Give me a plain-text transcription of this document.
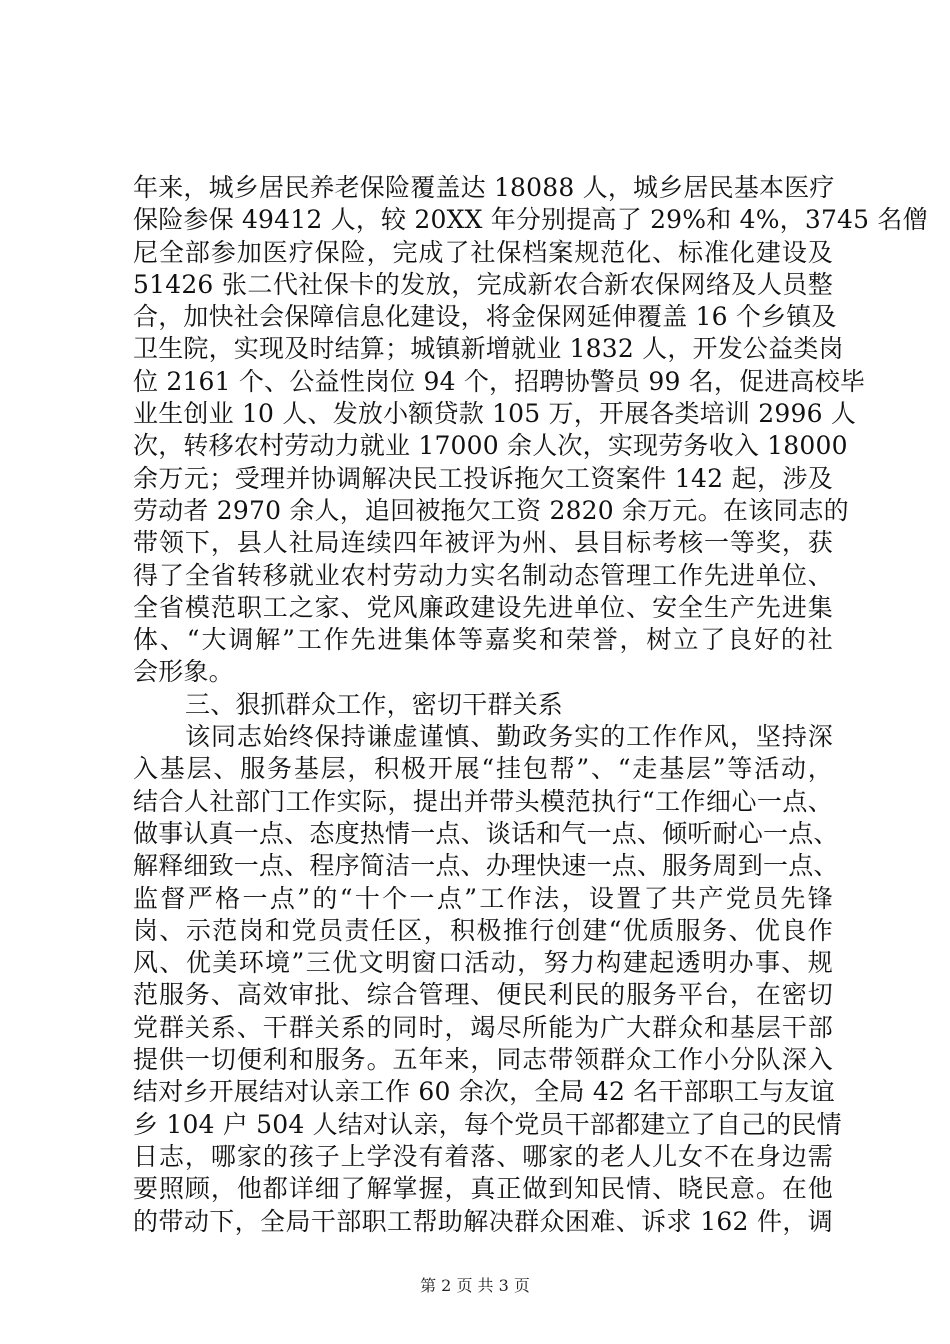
年来，城乡居民养老保险覆盖达 18088 人，城乡居民基本医疗
保险参保 49412 人，较 20XX 年分别提高了 29%和 4%，3745 名僧
尼全部参加医疗保险，完成了社保档案规范化、标准化建设及
51426 张二代社保卡的发放，完成新农合新农保网络及人员整
合，加快社会保障信息化建设，将金保网延伸覆盖 16 个乡镇及
卫生院，实现及时结算；城镇新增就业 1832 人，开发公益类岗
位 2161 个、公益性岗位 94 个，招聘协警员 99 名，促进高校毕
业生创业 10 人、发放小额贷款 105 万，开展各类培训 2996 人
次，转移农村劳动力就业 17000 余人次，实现劳务收入 18000
余万元；受理并协调解决民工投诉拖欠工资案件 142 起，涉及
劳动者 2970 余人，追回被拖欠工资 2820 余万元。在该同志的
带领下，县人社局连续四年被评为州、县目标考核一等奖，获
得了全省转移就业农村劳动力实名制动态管理工作先进单位、
全省模范职工之家、党风廉政建设先进单位、安全生产先进集
体、“大调解”工作先进集体等嘉奖和荣誉，树立了良好的社
会形象。
三、狠抓群众工作，密切干群关系
该同志始终保持谦虚谨慎、勤政务实的工作作风，坚持深
入基层、服务基层，积极开展“挂包帮”、“走基层”等活动，
结合人社部门工作实际，提出并带头模范执行“工作细心一点、
做事认真一点、态度热情一点、谈话和气一点、倾听耐心一点、
解释细致一点、程序简洁一点、办理快速一点、服务周到一点、
监督严格一点”的“十个一点”工作法，设置了共产党员先锋
岗、示范岗和党员责任区，积极推行创建“优质服务、优良作
风、优美环境”三优文明窗口活动，努力构建起透明办事、规
范服务、高效审批、综合管理、便民利民的服务平台，在密切
党群关系、干群关系的同时，竭尽所能为广大群众和基层干部
提供一切便利和服务。五年来，同志带领群众工作小分队深入
结对乡开展结对认亲工作 60 余次，全局 42 名干部职工与友谊
乡 104 户 504 人结对认亲，每个党员干部都建立了自己的民情
日志，哪家的孩子上学没有着落、哪家的老人儿女不在身边需
要照顾，他都详细了解掌握，真正做到知民情、晓民意。在他
的带动下，全局干部职工帮助解决群众困难、诉求 162 件，调
第 2 页 共 3 页
